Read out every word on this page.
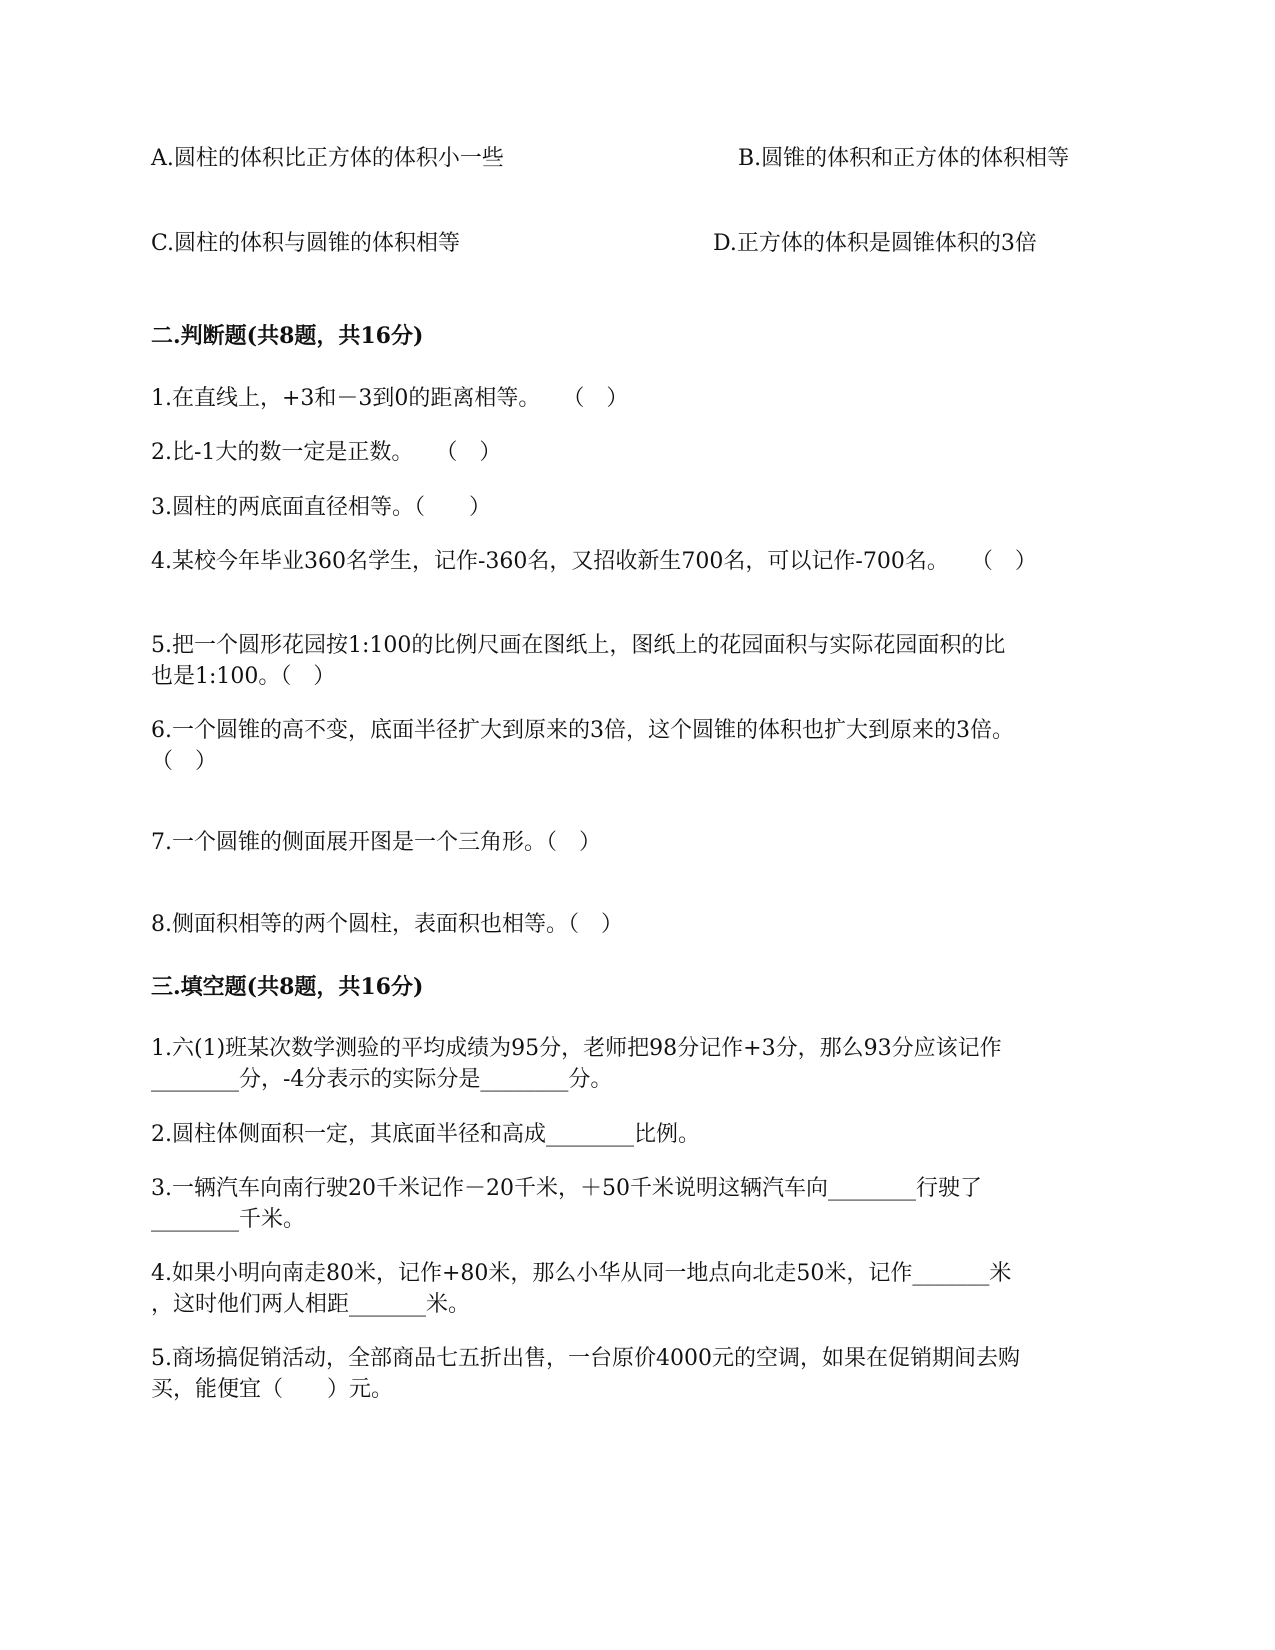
A.圆柱的体积比正方体的体积小一些	B.圆锥的体积和正方体的体积相等
C.圆柱的体积与圆锥的体积相等	D.正方体的体积是圆锥体积的3倍
二.判断题(共8题，共16分)
1.在直线上，+3和－3到0的距离相等。　　（　）
2.比-1大的数一定是正数。　　（　）
3.圆柱的两底面直径相等。（　　）
4.某校今年毕业360名学生，记作-360名，又招收新生700名，可以记作-700名。　　（　）
5.把一个圆形花园按1:100的比例尺画在图纸上，图纸上的花园面积与实际花园面积的比
也是1:100。（　）
6.一个圆锥的高不变，底面半径扩大到原来的3倍，这个圆锥的体积也扩大到原来的3倍。
（　）
7.一个圆锥的侧面展开图是一个三角形。（　）
8.侧面积相等的两个圆柱，表面积也相等。（　）
三.填空题(共8题，共16分)
1.六(1)班某次数学测验的平均成绩为95分，老师把98分记作+3分，那么93分应该记作
________分，-4分表示的实际分是________分。
2.圆柱体侧面积一定，其底面半径和高成________比例。
3.一辆汽车向南行驶20千米记作－20千米，＋50千米说明这辆汽车向________行驶了
________千米。
4.如果小明向南走80米，记作+80米，那么小华从同一地点向北走50米，记作_______米
，这时他们两人相距_______米。
5.商场搞促销活动，全部商品七五折出售，一台原价4000元的空调，如果在促销期间去购
买，能便宜（　　）元。
